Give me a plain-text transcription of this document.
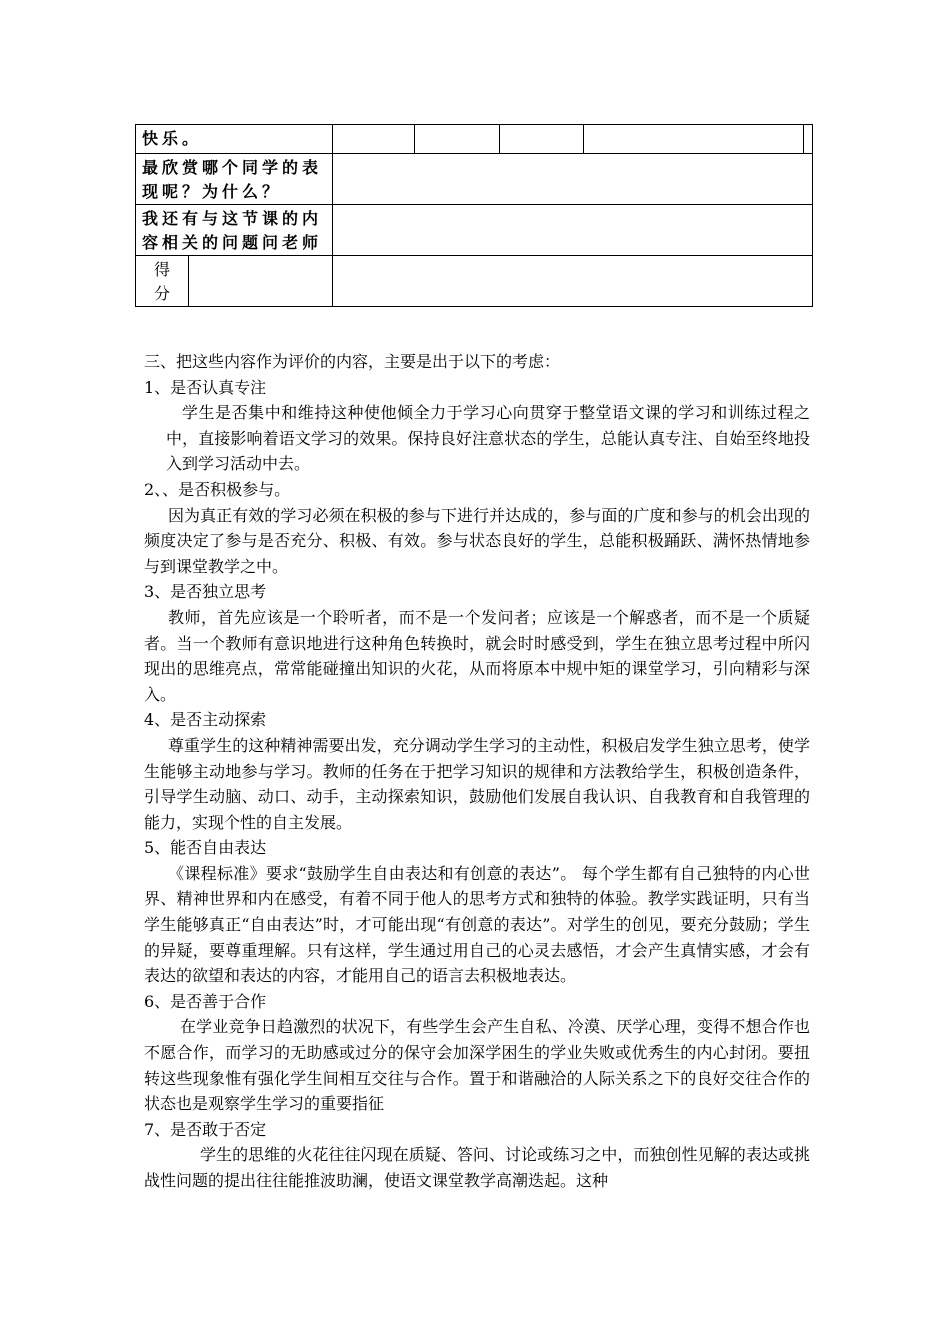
快乐。						
最欣赏哪个同学的表现呢？为什么？						
我还有与这节课的内容相关的问题问老师						

得分						

三、把这些内容作为评价的内容，主要是出于以下的考虑：

1、是否认真专注

学生是否集中和维持这种使他倾全力于学习心向贯穿于整堂语文课的学习和训练过程之中，直接影响着语文学习的效果。保持良好注意状态的学生，总能认真专注、自始至终地投入到学习活动中去。

2、、是否积极参与。

因为真正有效的学习必须在积极的参与下进行并达成的，参与面的广度和参与的机会出现的频度决定了参与是否充分、积极、有效。参与状态良好的学生，总能积极踊跃、满怀热情地参与到课堂教学之中。

3、是否独立思考

教师，首先应该是一个聆听者，而不是一个发问者；应该是一个解惑者，而不是一个质疑者。当一个教师有意识地进行这种角色转换时，就会时时感受到，学生在独立思考过程中所闪现出的思维亮点，常常能碰撞出知识的火花，从而将原本中规中矩的课堂学习，引向精彩与深入。

4、是否主动探索

尊重学生的这种精神需要出发，充分调动学生学习的主动性，积极启发学生独立思考，使学生能够主动地参与学习。教师的任务在于把学习知识的规律和方法教给学生，积极创造条件，引导学生动脑、动口、动手，主动探索知识，鼓励他们发展自我认识、自我教育和自我管理的能力，实现个性的自主发展。

5、能否自由表达

《课程标准》要求“鼓励学生自由表达和有创意的表达”。 每个学生都有自己独特的内心世界、精神世界和内在感受，有着不同于他人的思考方式和独特的体验。教学实践证明，只有当学生能够真正“自由表达”时，才可能出现“有创意的表达”。对学生的创见，要充分鼓励；学生的异疑，要尊重理解。只有这样，学生通过用自己的心灵去感悟，才会产生真情实感，才会有表达的欲望和表达的内容，才能用自己的语言去积极地表达。

6、是否善于合作

在学业竞争日趋激烈的状况下，有些学生会产生自私、冷漠、厌学心理，变得不想合作也不愿合作，而学习的无助感或过分的保守会加深学困生的学业失败或优秀生的内心封闭。要扭转这些现象惟有强化学生间相互交往与合作。置于和谐融洽的人际关系之下的良好交往合作的状态也是观察学生学习的重要指征

7、是否敢于否定

学生的思维的火花往往闪现在质疑、答问、讨论或练习之中，而独创性见解的表达或挑战性问题的提出往往能推波助澜，使语文课堂教学高潮迭起。这种
